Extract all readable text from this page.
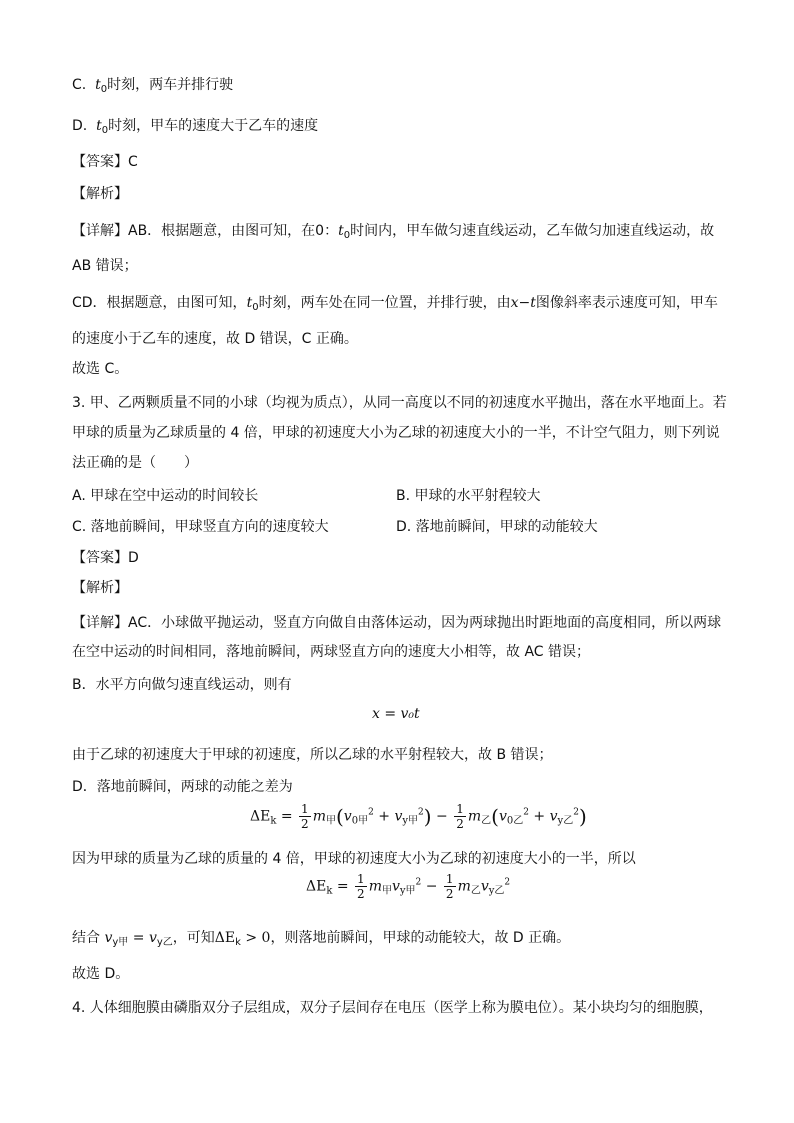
C. $t_0$时刻，两车并排行驶
D. $t_0$时刻，甲车的速度大于乙车的速度
【答案】C
【解析】
【详解】AB．根据题意，由图可知，在0：$t_0$时间内，甲车做匀速直线运动，乙车做匀加速直线运动，故
AB 错误；
CD．根据题意，由图可知，$t_0$时刻，两车处在同一位置，并排行驶，由x−t图像斜率表示速度可知，甲车
的速度小于乙车的速度，故 D 错误，C 正确。
故选 C。
3. 甲、乙两颗质量不同的小球（均视为质点），从同一高度以不同的初速度水平抛出，落在水平地面上。若
甲球的质量为乙球质量的 4 倍，甲球的初速度大小为乙球的初速度大小的一半，不计空气阻力，则下列说
法正确的是（　　）
A. 甲球在空中运动的时间较长	B. 甲球的水平射程较大
C. 落地前瞬间，甲球竖直方向的速度较大	D. 落地前瞬间，甲球的动能较大
【答案】D
【解析】
【详解】AC．小球做平抛运动，竖直方向做自由落体运动，因为两球抛出时距地面的高度相同，所以两球
在空中运动的时间相同，落地前瞬间，两球竖直方向的速度大小相等，故 AC 错误；
B．水平方向做匀速直线运动，则有
x = v₀t
由于乙球的初速度大于甲球的初速度，所以乙球的水平射程较大，故 B 错误；
D．落地前瞬间，两球的动能之差为
$\Delta E_k = \frac{1}{2} m_甲(v_{0甲}^2 + v_{y甲}^2) - \frac{1}{2} m_乙(v_{0乙}^2 + v_{y乙}^2)$
因为甲球的质量为乙球的质量的 4 倍，甲球的初速度大小为乙球的初速度大小的一半，所以
$\Delta E_k = \frac{1}{2} m_甲v_{y甲}^2 - \frac{1}{2} m_乙v_{y乙}^2$
结合 $v_{y甲} = v_{y乙}$，可知$\Delta E_k > 0$，则落地前瞬间，甲球的动能较大，故 D 正确。
故选 D。
4. 人体细胞膜由磷脂双分子层组成，双分子层间存在电压（医学上称为膜电位）。某小块均匀的细胞膜，
